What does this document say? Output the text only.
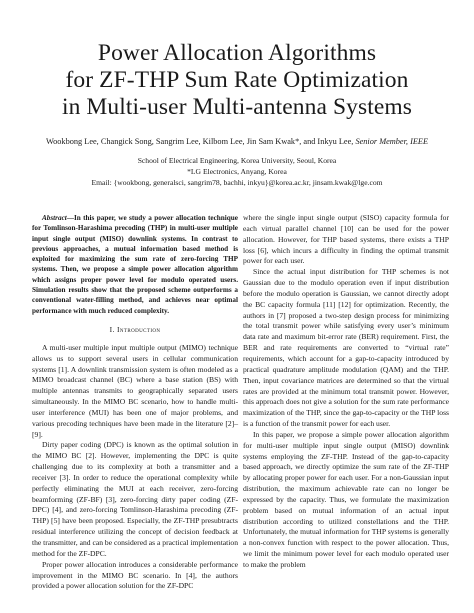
Power Allocation Algorithms
for ZF-THP Sum Rate Optimization
in Multi-user Multi-antenna Systems
Wookbong Lee, Changick Song, Sangrim Lee, Kilbom Lee, Jin Sam Kwak*, and Inkyu Lee, Senior Member, IEEE
School of Electrical Engineering, Korea University, Seoul, Korea
*LG Electronics, Anyang, Korea
Email: {wookbong, generalsci, sangrim78, bachhi, inkyu}@korea.ac.kr, jinsam.kwak@lge.com

Abstract—In this paper, we study a power allocation technique for Tomlinson-Harashima precoding (THP) in multi-user multiple input single output (MISO) downlink systems. In contrast to previous approaches, a mutual information based method is exploited for maximizing the sum rate of zero-forcing THP systems. Then, we propose a simple power allocation algorithm which assigns proper power level for modulo operated users. Simulation results show that the proposed scheme outperforms a conventional water-filling method, and achieves near optimal performance with much reduced complexity.

I. Introduction

A multi-user multiple input multiple output (MIMO) technique allows us to support several users in cellular communication systems [1]. A downlink transmission system is often modeled as a MIMO broadcast channel (BC) where a base station (BS) with multiple antennas transmits to geographically separated users simultaneously. In the MIMO BC scenario, how to handle multi-user interference (MUI) has been one of major problems, and various precoding techniques have been made in the literature [2]–[9].

Dirty paper coding (DPC) is known as the optimal solution in the MIMO BC [2]. However, implementing the DPC is quite challenging due to its complexity at both a transmitter and a receiver [3]. In order to reduce the operational complexity while perfectly eliminating the MUI at each receiver, zero-forcing beamforming (ZF-BF) [3], zero-forcing dirty paper coding (ZF-DPC) [4], and zero-forcing Tomlinson-Harashima precoding (ZF-THP) [5] have been proposed. Especially, the ZF-THP presubtracts residual interference utilizing the concept of decision feedback at the transmitter, and can be considered as a practical implementation method for the ZF-DPC.

Proper power allocation introduces a considerable performance improvement in the MIMO BC scenario. In [4], the authors provided a power allocation solution for the ZF-DPC

where the single input single output (SISO) capacity formula for each virtual parallel channel [10] can be used for the power allocation. However, for THP based systems, there exists a THP loss [6], which incurs a difficulty in finding the optimal transmit power for each user.

Since the actual input distribution for THP schemes is not Gaussian due to the modulo operation even if input distribution before the modulo operation is Gaussian, we cannot directly adopt the BC capacity formula [11] [12] for optimization. Recently, the authors in [7] proposed a two-step design process for minimizing the total transmit power while satisfying every user’s minimum data rate and maximum bit-error rate (BER) requirement. First, the BER and rate requirements are converted to “virtual rate” requirements, which account for a gap-to-capacity introduced by practical quadrature amplitude modulation (QAM) and the THP. Then, input covariance matrices are determined so that the virtual rates are provided at the minimum total transmit power. However, this approach does not give a solution for the sum rate performance maximization of the THP, since the gap-to-capacity or the THP loss is a function of the transmit power for each user.

In this paper, we propose a simple power allocation algorithm for multi-user multiple input single output (MISO) downlink systems employing the ZF-THP. Instead of the gap-to-capacity based approach, we directly optimize the sum rate of the ZF-THP by allocating proper power for each user. For a non-Gaussian input distribution, the maximum achievable rate can no longer be expressed by the capacity. Thus, we formulate the maximization problem based on mutual information of an actual input distribution according to utilized constellations and the THP. Unfortunately, the mutual information for THP systems is generally a non-convex function with respect to the power allocation. Thus, we limit the minimum power level for each modulo operated user to make the problem
